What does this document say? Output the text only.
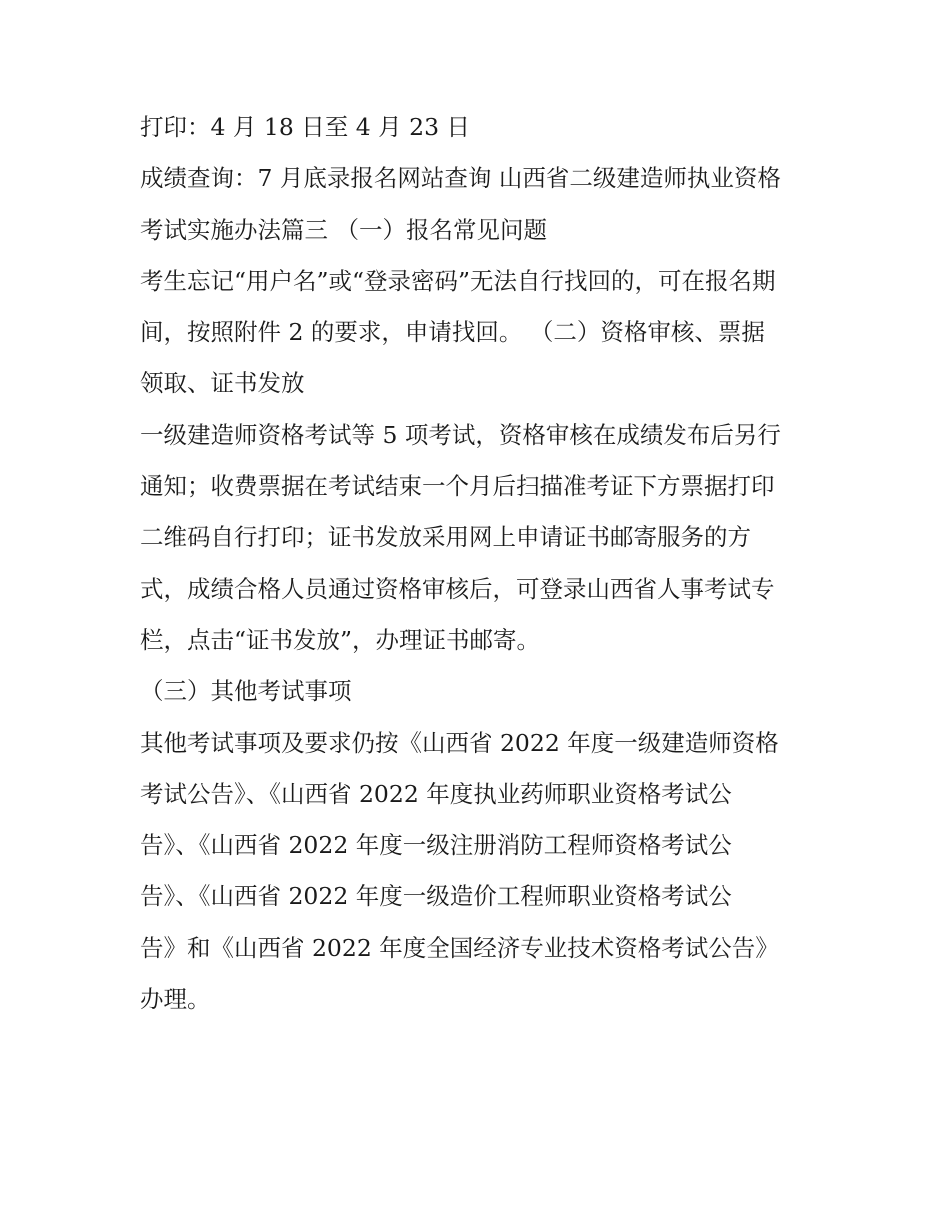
打印：4 月 18 日至 4 月 23 日
成绩查询：7 月底录报名网站查询 山西省二级建造师执业资格
考试实施办法篇三 （一）报名常见问题
考生忘记“用户名”或“登录密码”无法自行找回的，可在报名期
间，按照附件 2 的要求，申请找回。 （二）资格审核、票据
领取、证书发放
一级建造师资格考试等 5 项考试，资格审核在成绩发布后另行
通知；收费票据在考试结束一个月后扫描准考证下方票据打印
二维码自行打印；证书发放采用网上申请证书邮寄服务的方
式，成绩合格人员通过资格审核后，可登录山西省人事考试专
栏，点击“证书发放”，办理证书邮寄。
（三）其他考试事项
其他考试事项及要求仍按《山西省 2022 年度一级建造师资格
考试公告》、《山西省 2022 年度执业药师职业资格考试公
告》、《山西省 2022 年度一级注册消防工程师资格考试公
告》、《山西省 2022 年度一级造价工程师职业资格考试公
告》和《山西省 2022 年度全国经济专业技术资格考试公告》
办理。
